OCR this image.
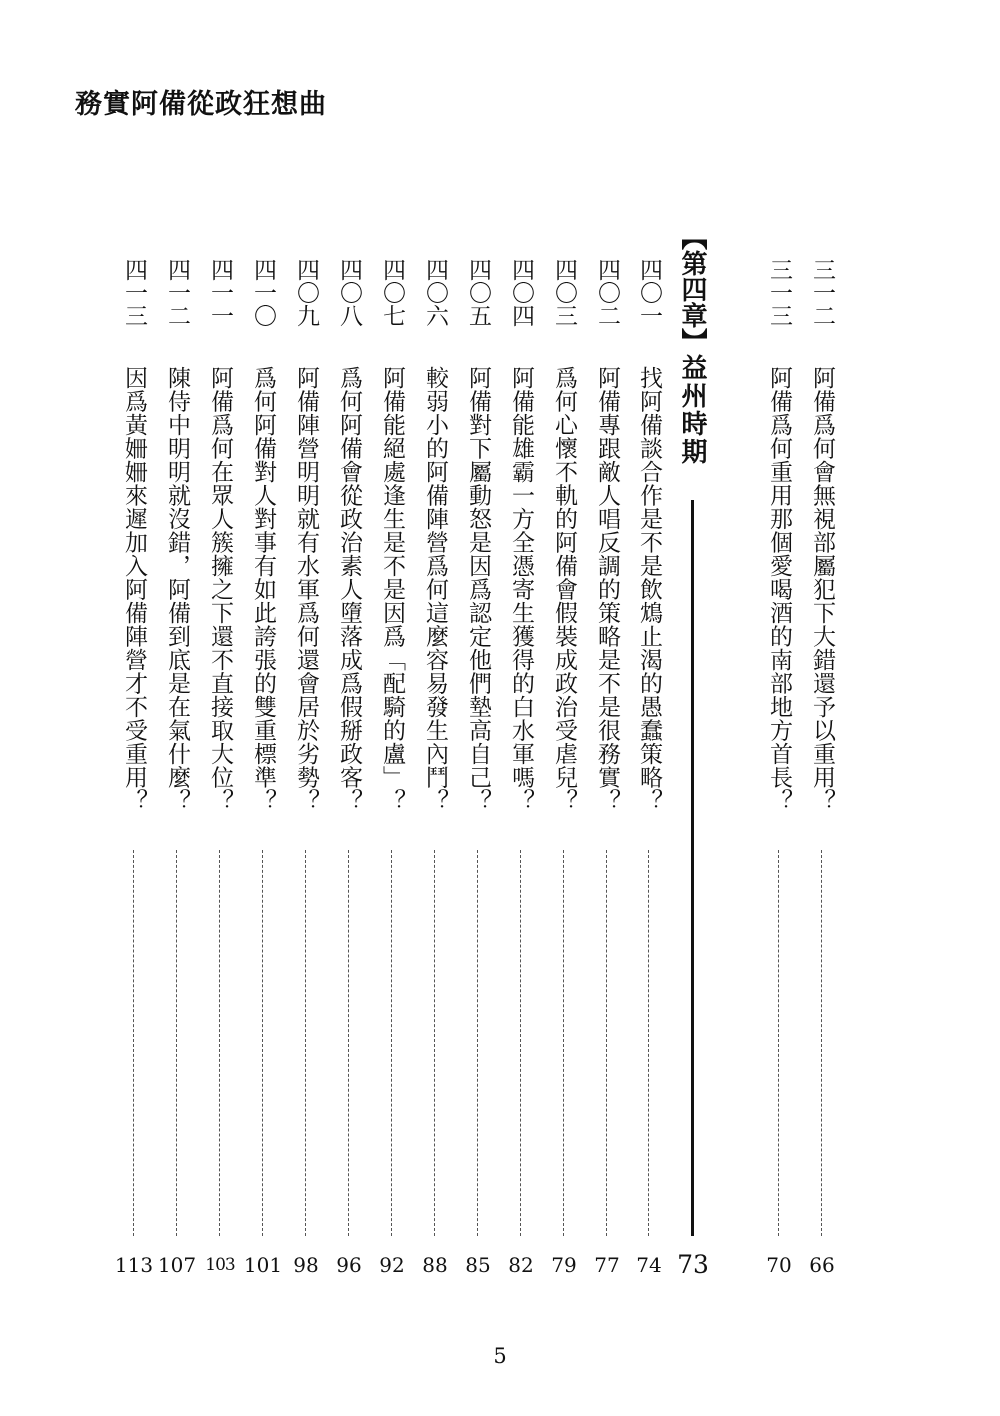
務實阿備從政狂想曲
三一二
阿備爲何會無視部屬犯下大錯還予以重用？
66
三一三
阿備爲何重用那個愛喝酒的南部地方首長？
70
【第四章】
益州時期
73
四〇一
找阿備談合作是不是飲鴆止渴的愚蠢策略？
74
四〇二
阿備專跟敵人唱反調的策略是不是很務實？
77
四〇三
爲何心懷不軌的阿備會假裝成政治受虐兒？
79
四〇四
阿備能雄霸一方全憑寄生獲得的白水軍嗎？
82
四〇五
阿備對下屬動怒是因爲認定他們墊高自己？
85
四〇六
較弱小的阿備陣營爲何這麼容易發生內鬥？
88
四〇七
阿備能絕處逢生是不是因爲「配騎的盧」？
92
四〇八
爲何阿備會從政治素人墮落成爲假掰政客？
96
四〇九
阿備陣營明明就有水軍爲何還會居於劣勢？
98
四一〇
爲何阿備對人對事有如此誇張的雙重標準？
101
四一一
阿備爲何在眾人簇擁之下還不直接取大位？
103
四一二
陳侍中明明就沒錯，阿備到底是在氣什麼？
107
四一三
因爲黃姍姍來遲加入阿備陣營才不受重用？
113
5
